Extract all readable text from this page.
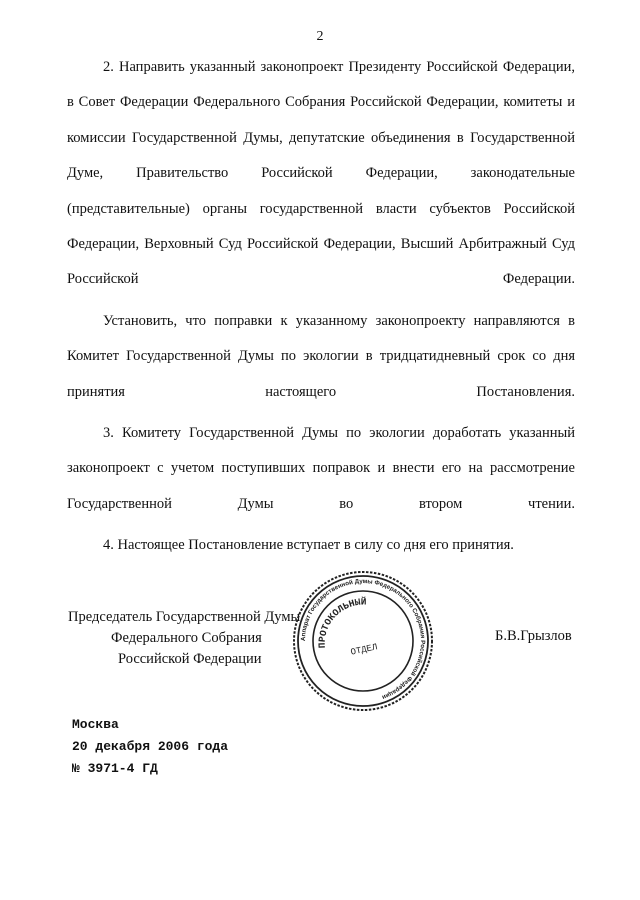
2

2. Направить указанный законопроект Президенту Российской Федерации, в Совет Федерации Федерального Собрания Российской Федерации, комитеты и комиссии Государственной Думы, депутатские объединения в Государственной Думе, Правительство Российской Федерации, законодательные (представительные) органы государственной власти субъектов Российской Федерации, Верховный Суд Российской Федерации, Высший Арбитражный Суд Российской Федерации.

Установить, что поправки к указанному законопроекту направляются в Комитет Государственной Думы по экологии в тридцатидневный срок со дня принятия настоящего Постановления.

3. Комитету Государственной Думы по экологии доработать указанный законопроект с учетом поступивших поправок и внести его на рассмотрение Государственной Думы во втором чтении.

4. Настоящее Постановление вступает в силу со дня его принятия.

Председатель Государственной Думы
Федерального Собрания
Российской Федерации
Б.В.Грызлов
Аппарат Государственной Думы Федерального Собрания Российской Федерации
ПРОТОКОЛЬНЫЙ
ОТДЕЛ
Москва
20 декабря 2006 года
№ 3971-4 ГД
